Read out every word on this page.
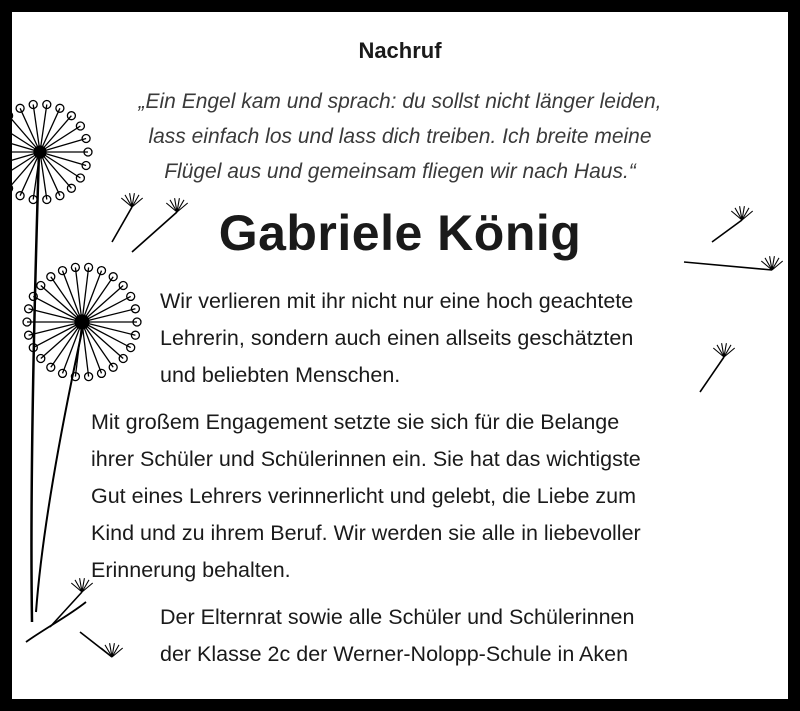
Nachruf
„Ein Engel kam und sprach: du sollst nicht länger leiden,
lass einfach los und lass dich treiben. Ich breite meine
Flügel aus und gemeinsam fliegen wir nach Haus.“
Gabriele König
Wir verlieren mit ihr nicht nur eine hoch geachtete
Lehrerin, sondern auch einen allseits geschätzten
und beliebten Menschen.
Mit großem Engagement setzte sie sich für die Belange
ihrer Schüler und Schülerinnen ein. Sie hat das wichtigste
Gut eines Lehrers verinnerlicht und gelebt, die Liebe zum
Kind und zu ihrem Beruf. Wir werden sie alle in liebevoller
Erinnerung behalten.
Der Elternrat sowie alle Schüler und Schülerinnen
der Klasse 2c der Werner-Nolopp-Schule in Aken
